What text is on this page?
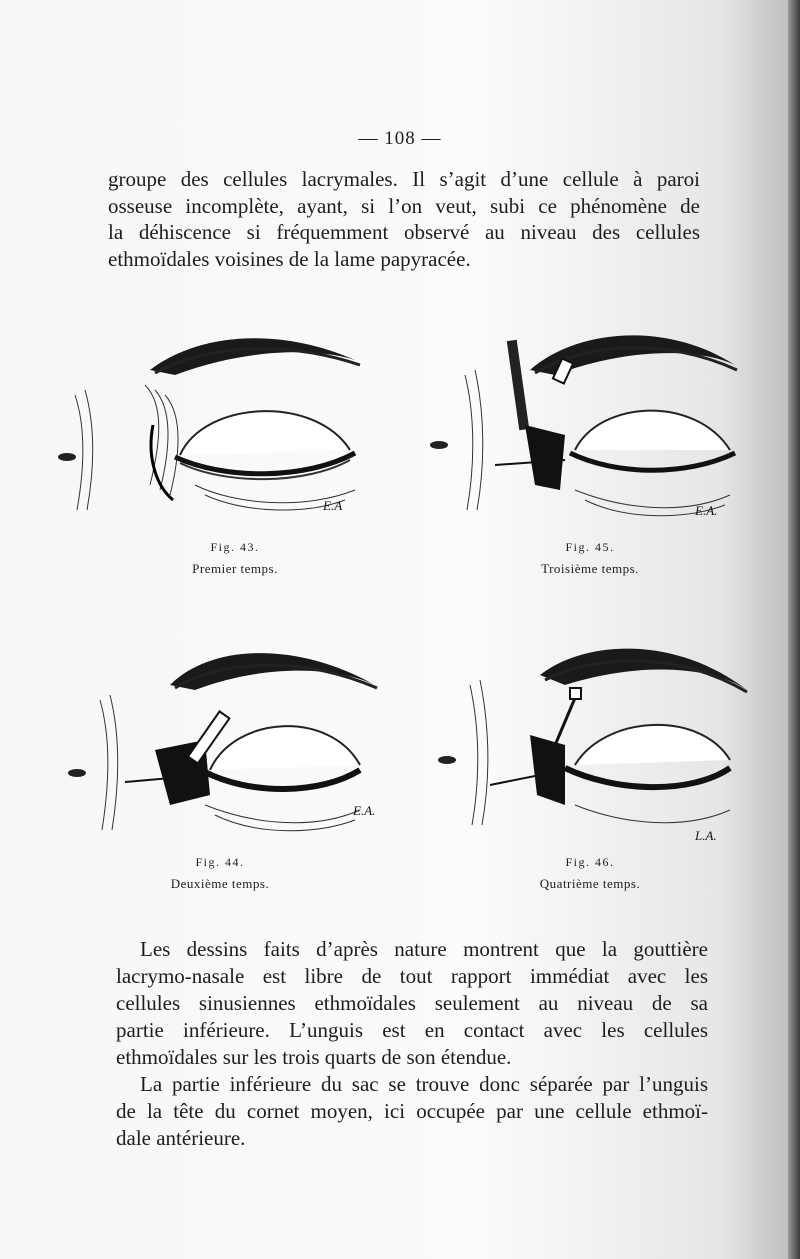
— 108 —
groupe des cellules lacrymales. Il s’agit d’une cellule à paroi
osseuse incomplète, ayant, si l’on veut, subi ce phénomène de
la déhiscence si fréquemment observé au niveau des cellules
ethmoïdales voisines de la lame papyracée.
E.A
Fig. 43.
Premier temps.
E.A.
Fig. 45.
Troisième temps.
E.A.
Fig. 44.
Deuxième temps.
L.A.
Fig. 46.
Quatrième temps.
Les dessins faits d’après nature montrent que la gouttière
lacrymo-nasale est libre de tout rapport immédiat avec les
cellules sinusiennes ethmoïdales seulement au niveau de sa
partie inférieure. L’unguis est en contact avec les cellules
ethmoïdales sur les trois quarts de son étendue.
La partie inférieure du sac se trouve donc séparée par l’unguis
de la tête du cornet moyen, ici occupée par une cellule ethmoï-
dale antérieure.
